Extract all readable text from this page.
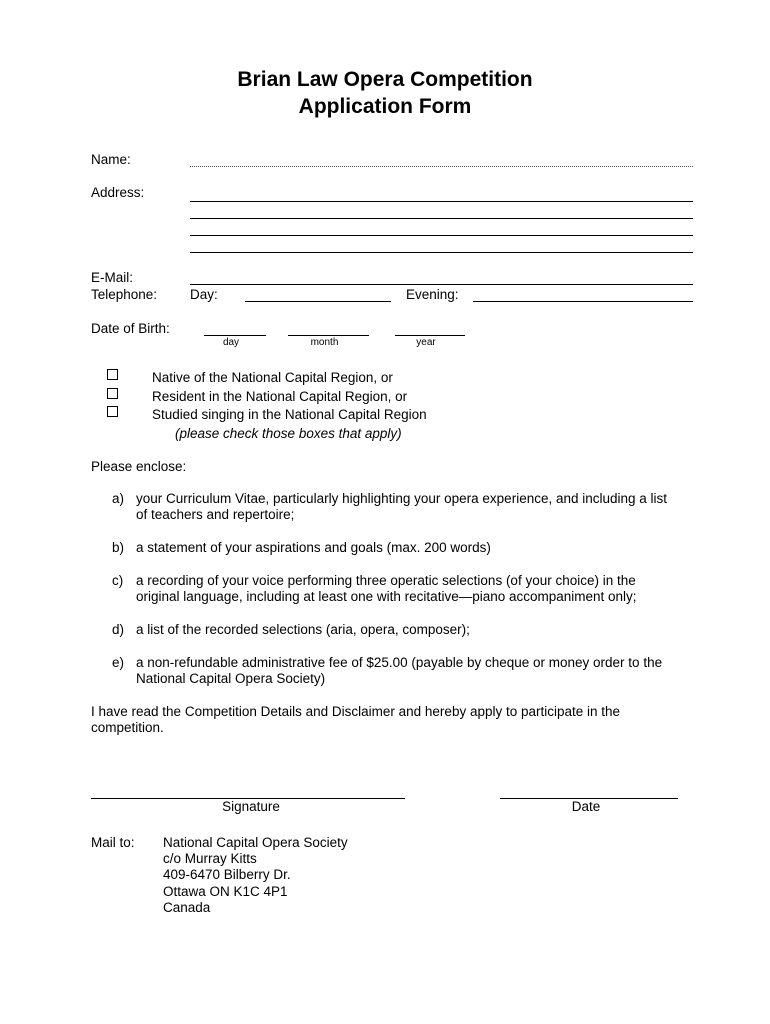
Brian Law Opera Competition
Application Form
Name:
Address:
E-Mail:
Telephone: Day:	Evening:
Date of Birth:
day	month	year
Native of the National Capital Region, or
Resident in the National Capital Region, or
Studied singing in the National Capital Region
(please check those boxes that apply)
Please enclose:
a) your Curriculum Vitae, particularly highlighting your opera experience, and including a list
of teachers and repertoire;
b) a statement of your aspirations and goals (max. 200 words)
c) a recording of your voice performing three operatic selections (of your choice) in the
original language, including at least one with recitative—piano accompaniment only;
d) a list of the recorded selections (aria, opera, composer);
e) a non-refundable administrative fee of $25.00 (payable by cheque or money order to the
National Capital Opera Society)
I have read the Competition Details and Disclaimer and hereby apply to participate in the
competition.
Signature	Date
Mail to: National Capital Opera Society
c/o Murray Kitts
409-6470 Bilberry Dr.
Ottawa ON K1C 4P1
Canada
